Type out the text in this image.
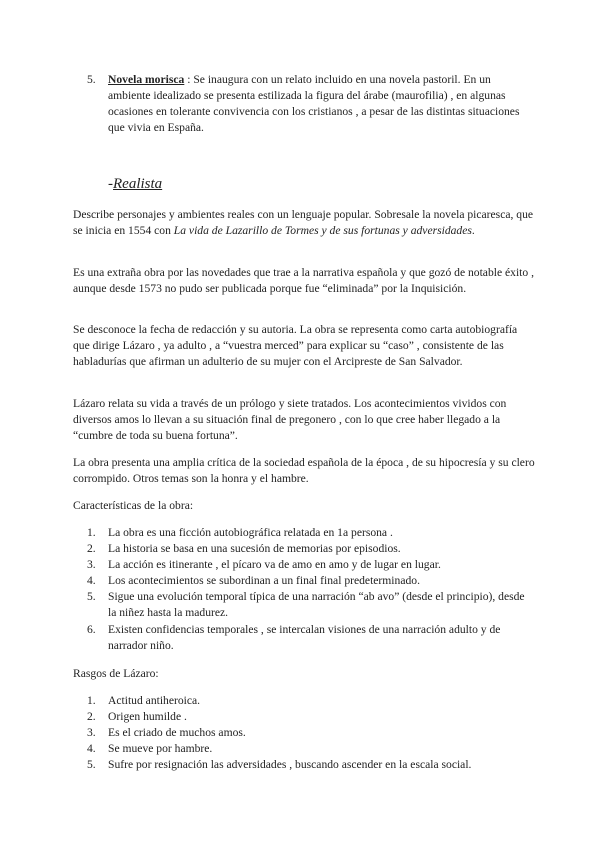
5. Novela morisca : Se inaugura con un relato incluido en una novela pastoril. En un ambiente idealizado se presenta estilizada la figura del árabe (maurofilia) , en algunas ocasiones en tolerante convivencia con los cristianos , a pesar de las distintas situaciones que vivia en España.
-Realista
Describe personajes y ambientes reales con un lenguaje popular. Sobresale la novela picaresca, que se inicia en 1554 con La vida de Lazarillo de Tormes y de sus fortunas y adversidades.
Es una extraña obra por las novedades que trae a la narrativa española y que gozó de notable éxito , aunque desde 1573 no pudo ser publicada porque fue “eliminada” por la Inquisición.
Se desconoce la fecha de redacción y su autoria. La obra se representa como carta autobiografía que dirige Lázaro , ya adulto , a “vuestra merced” para explicar su “caso” , consistente de las habladurías que afirman un adulterio de su mujer con el Arcipreste de San Salvador.
Lázaro relata su vida a través de un prólogo y siete tratados. Los acontecimientos vividos con diversos amos lo llevan a su situación final de pregonero , con lo que cree haber llegado a la “cumbre de toda su buena fortuna”.
La obra presenta una amplia crítica de la sociedad española de la época , de su hipocresía y su clero corrompido. Otros temas son la honra y el hambre.
Características de la obra:
1. La obra es una ficción autobiográfica relatada en 1a persona .
2. La historia se basa en una sucesión de memorias por episodios.
3. La acción es itinerante , el pícaro va de amo en amo y de lugar en lugar.
4. Los acontecimientos se subordinan a un final final predeterminado.
5. Sigue una evolución temporal típica de una narración “ab avo” (desde el principio), desde la niñez hasta la madurez.
6. Existen confidencias temporales , se intercalan visiones de una narración adulto y de narrador niño.
Rasgos de Lázaro:
1. Actitud antiheroica.
2. Origen humilde .
3. Es el criado de muchos amos.
4. Se mueve por hambre.
5. Sufre por resignación las adversidades , buscando ascender en la escala social.
